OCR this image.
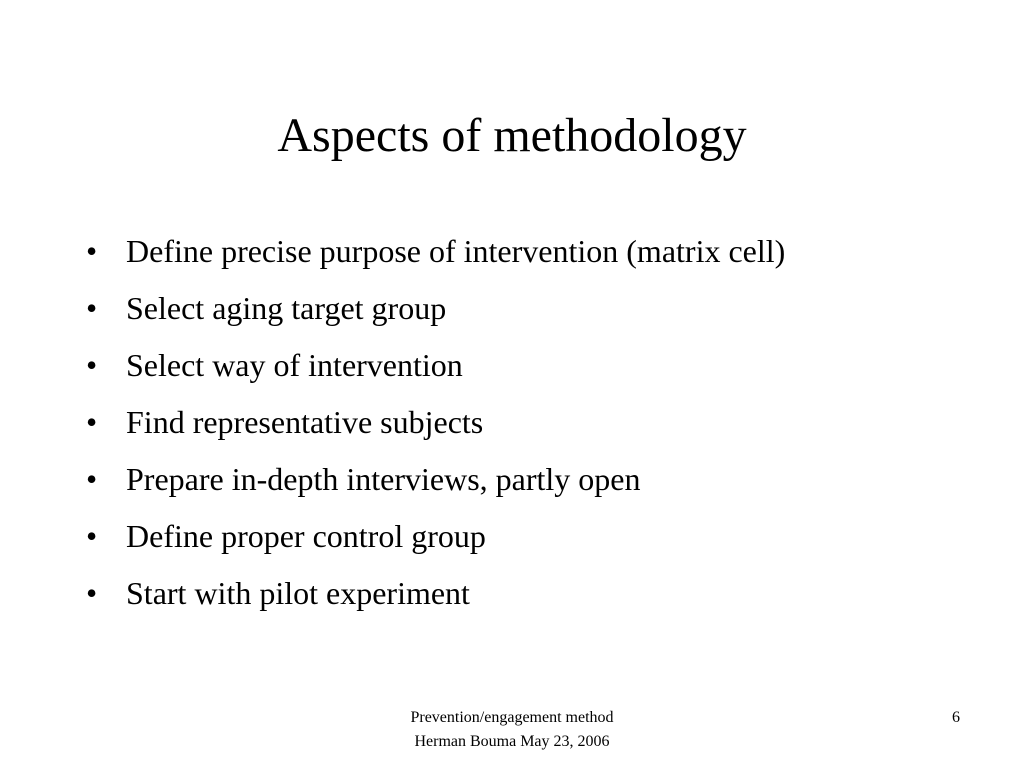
Aspects of methodology
• Define precise purpose of intervention (matrix cell)
• Select aging target group
• Select way of intervention
• Find representative subjects
• Prepare in-depth interviews, partly open
• Define proper control group
• Start with pilot experiment
Prevention/engagement method
Herman Bouma May 23, 2006
6
